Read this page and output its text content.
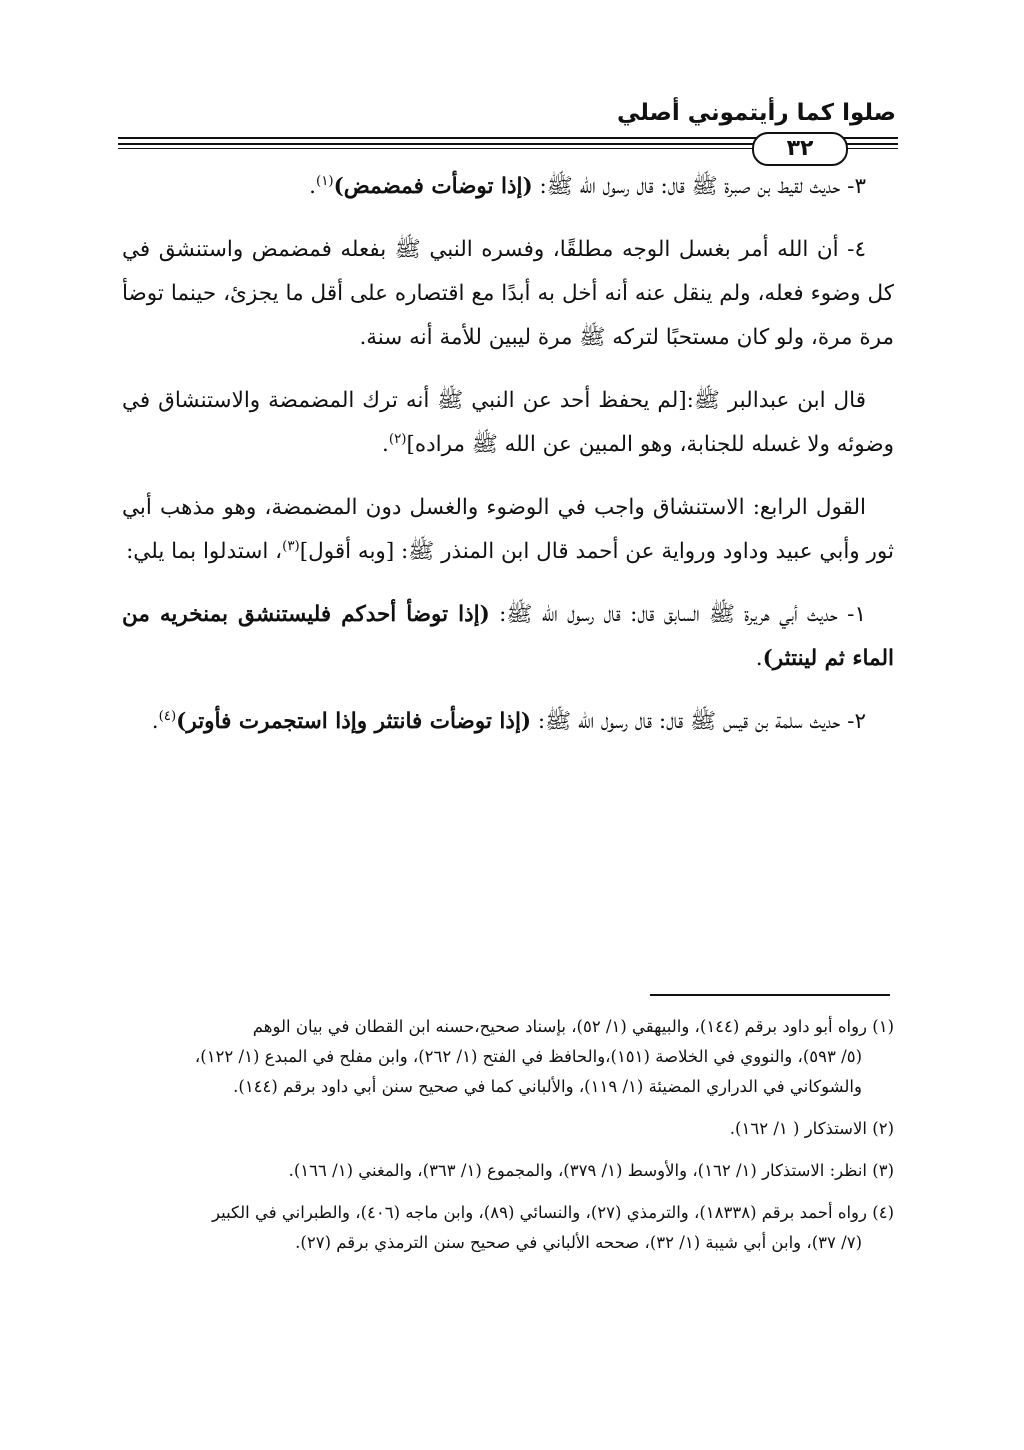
صلوا كما رأيتموني أصلي
٣٢

٣- حديث لقيط بن صبرة ﷺ قال: قال رسول الله ﷺ: (إذا توضأت فمضمض)$^{(١)}$.

٤- أن الله أمر بغسل الوجه مطلقًا، وفسره النبي ﷺ بفعله فمضمض واستنشق في كل وضوء فعله، ولم ينقل عنه أنه أخل به أبدًا مع اقتصاره على أقل ما يجزئ، حينما توضأ مرة مرة، ولو كان مستحبًا لتركه ﷺ مرة ليبين للأمة أنه سنة.

قال ابن عبدالبر ﷺ:[لم يحفظ أحد عن النبي ﷺ أنه ترك المضمضة والاستنشاق في وضوئه ولا غسله للجنابة، وهو المبين عن الله ﷺ مراده]$^{(٢)}$.

القول الرابع: الاستنشاق واجب في الوضوء والغسل دون المضمضة، وهو مذهب أبي ثور وأبي عبيد وداود ورواية عن أحمد قال ابن المنذر ﷺ: [وبه أقول]$^{(٣)}$، استدلوا بما يلي:

١- حديث أبي هريرة ﷺ السابق قال: قال رسول الله ﷺ: (إذا توضأ أحدكم فليستنشق بمنخريه من الماء ثم لينتثر).

٢- حديث سلمة بن قيس ﷺ قال: قال رسول الله ﷺ: (إذا توضأت فانتثر وإذا استجمرت فأوتر)$^{(٤)}$.

(١) رواه أبو داود برقم (١٤٤)، والبيهقي (١/ ٥٢)، بإسناد صحيح،حسنه ابن القطان في بيان الوهم
(٥/ ٥٩٣)، والنووي في الخلاصة (١٥١)،والحافظ في الفتح (١/ ٢٦٢)، وابن مفلح في المبدع (١/ ١٢٢)،
والشوكاني في الدراري المضيئة (١/ ١١٩)، والألباني كما في صحيح سنن أبي داود برقم (١٤٤).

(٢) الاستذكار ( ١/ ١٦٢).

(٣) انظر: الاستذكار (١/ ١٦٢)، والأوسط (١/ ٣٧٩)، والمجموع (١/ ٣٦٣)، والمغني (١/ ١٦٦).

(٤) رواه أحمد برقم (١٨٣٣٨)، والترمذي (٢٧)، والنسائي (٨٩)، وابن ماجه (٤٠٦)، والطبراني في الكبير
(٧/ ٣٧)، وابن أبي شيبة (١/ ٣٢)، صححه الألباني في صحيح سنن الترمذي برقم (٢٧).
